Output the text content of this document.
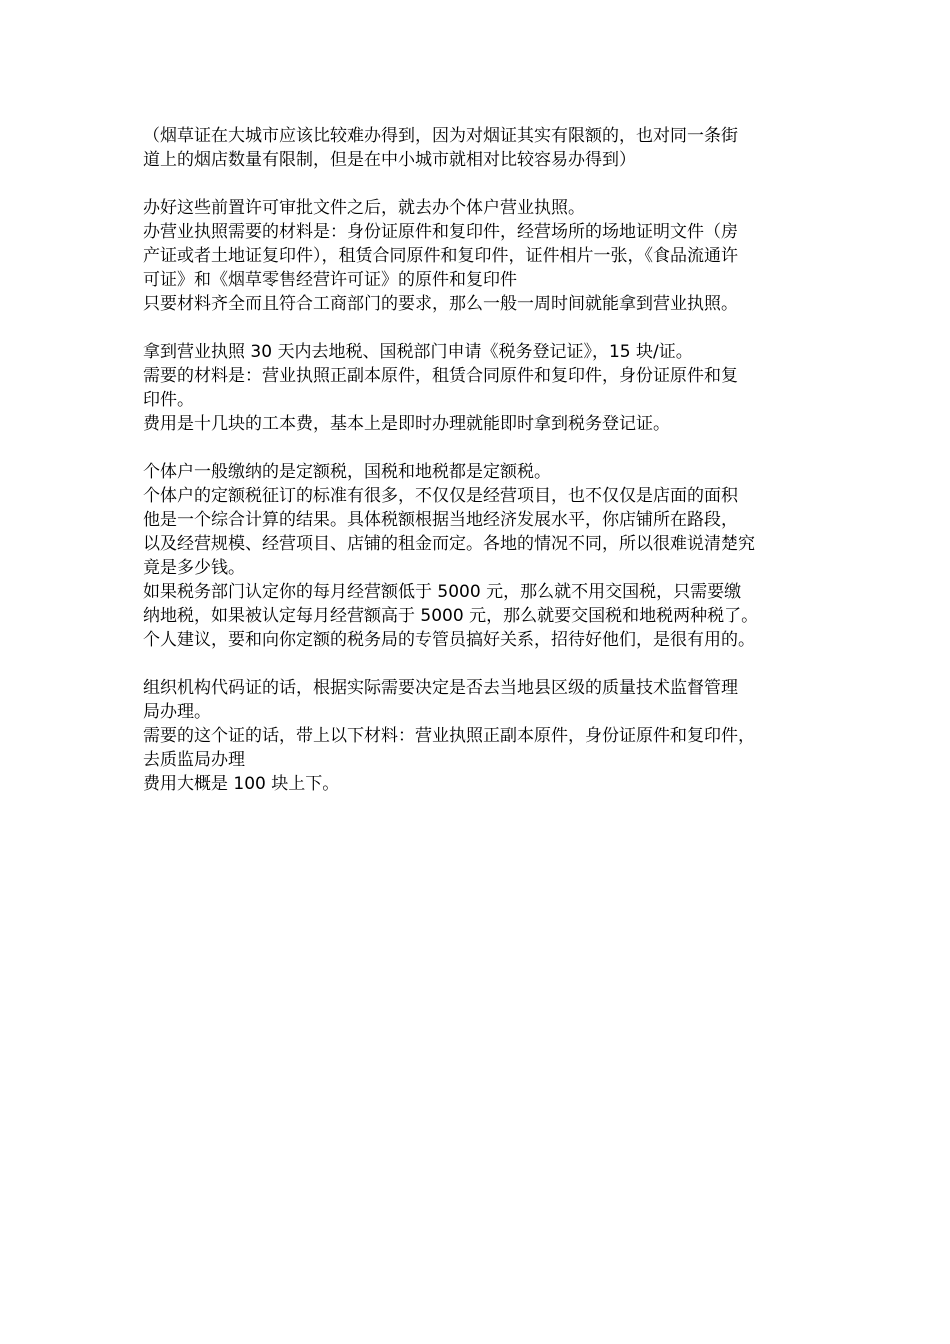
（烟草证在大城市应该比较难办得到，因为对烟证其实有限额的，也对同一条街
道上的烟店数量有限制，但是在中小城市就相对比较容易办得到）
办好这些前置许可审批文件之后，就去办个体户营业执照。
办营业执照需要的材料是：身份证原件和复印件，经营场所的场地证明文件（房
产证或者土地证复印件），租赁合同原件和复印件，证件相片一张，《食品流通许
可证》和《烟草零售经营许可证》的原件和复印件
只要材料齐全而且符合工商部门的要求，那么一般一周时间就能拿到营业执照。
拿到营业执照 30 天内去地税、国税部门申请《税务登记证》，15 块/证。
需要的材料是：营业执照正副本原件，租赁合同原件和复印件，身份证原件和复
印件。
费用是十几块的工本费，基本上是即时办理就能即时拿到税务登记证。
个体户一般缴纳的是定额税，国税和地税都是定额税。
个体户的定额税征订的标准有很多，不仅仅是经营项目，也不仅仅是店面的面积
他是一个综合计算的结果。具体税额根据当地经济发展水平，你店铺所在路段，
以及经营规模、经营项目、店铺的租金而定。各地的情况不同，所以很难说清楚究
竟是多少钱。
如果税务部门认定你的每月经营额低于 5000 元，那么就不用交国税，只需要缴
纳地税，如果被认定每月经营额高于 5000 元，那么就要交国税和地税两种税了。
个人建议，要和向你定额的税务局的专管员搞好关系，招待好他们，是很有用的。
组织机构代码证的话，根据实际需要决定是否去当地县区级的质量技术监督管理
局办理。
需要的这个证的话，带上以下材料：营业执照正副本原件，身份证原件和复印件，
去质监局办理
费用大概是 100 块上下。
